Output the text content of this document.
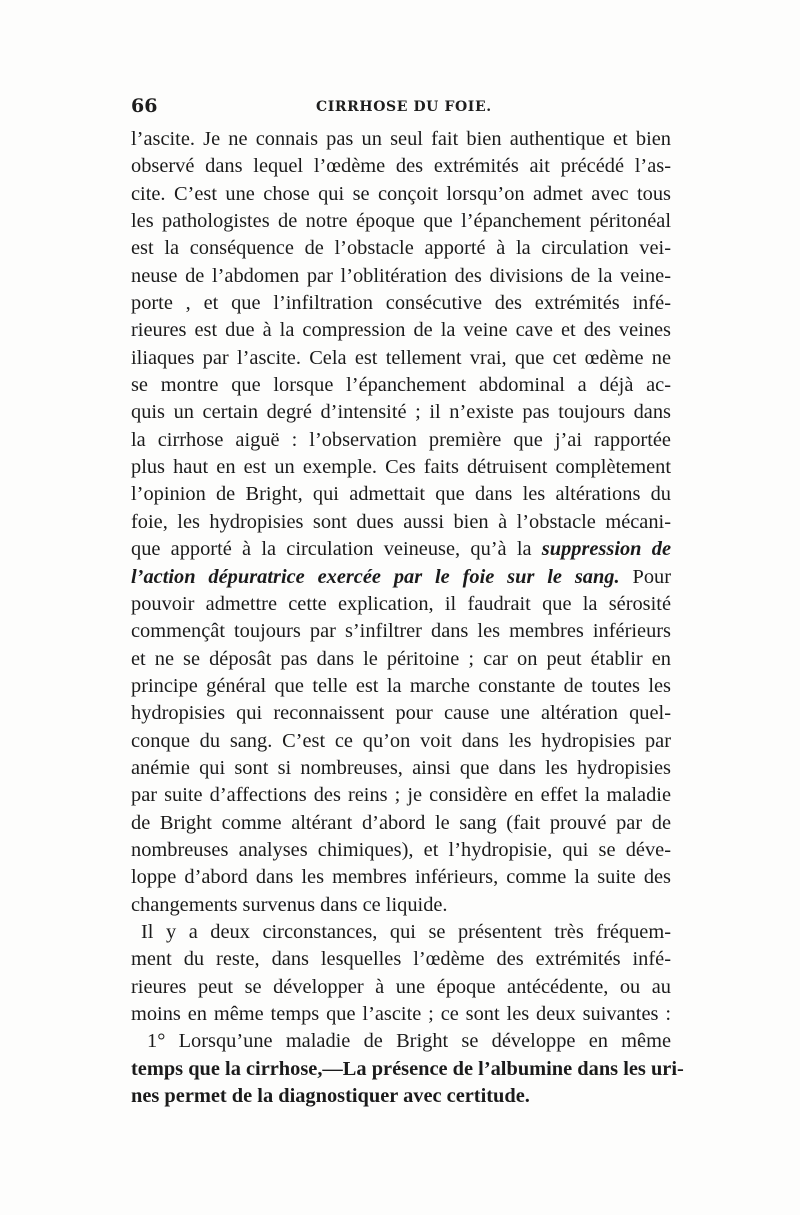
66	CIRRHOSE DU FOIE.
l’ascite. Je ne connais pas un seul fait bien authentique et bien
observé dans lequel l’œdème des extrémités ait précédé l’as-
cite. C’est une chose qui se conçoit lorsqu’on admet avec tous
les pathologistes de notre époque que l’épanchement péritonéal
est la conséquence de l’obstacle apporté à la circulation vei-
neuse de l’abdomen par l’oblitération des divisions de la veine-
porte , et que l’infiltration consécutive des extrémités infé-
rieures est due à la compression de la veine cave et des veines
iliaques par l’ascite. Cela est tellement vrai, que cet œdème ne
se montre que lorsque l’épanchement abdominal a déjà ac-
quis un certain degré d’intensité ; il n’existe pas toujours dans
la cirrhose aiguë : l’observation première que j’ai rapportée
plus haut en est un exemple. Ces faits détruisent complètement
l’opinion de Bright, qui admettait que dans les altérations du
foie, les hydropisies sont dues aussi bien à l’obstacle mécani-
que apporté à la circulation veineuse, qu’à la suppression de
l’action dépuratrice exercée par le foie sur le sang. Pour
pouvoir admettre cette explication, il faudrait que la sérosité
commençât toujours par s’infiltrer dans les membres inférieurs
et ne se déposât pas dans le péritoine ; car on peut établir en
principe général que telle est la marche constante de toutes les
hydropisies qui reconnaissent pour cause une altération quel-
conque du sang. C’est ce qu’on voit dans les hydropisies par
anémie qui sont si nombreuses, ainsi que dans les hydropisies
par suite d’affections des reins ; je considère en effet la maladie
de Bright comme altérant d’abord le sang (fait prouvé par de
nombreuses analyses chimiques), et l’hydropisie, qui se déve-
loppe d’abord dans les membres inférieurs, comme la suite des
changements survenus dans ce liquide.
Il y a deux circonstances, qui se présentent très fréquem-
ment du reste, dans lesquelles l’œdème des extrémités infé-
rieures peut se développer à une époque antécédente, ou au
moins en même temps que l’ascite ; ce sont les deux suivantes :
1° Lorsqu’une maladie de Bright se développe en même
temps que la cirrhose,—La présence de l’albumine dans les uri-
nes permet de la diagnostiquer avec certitude.
